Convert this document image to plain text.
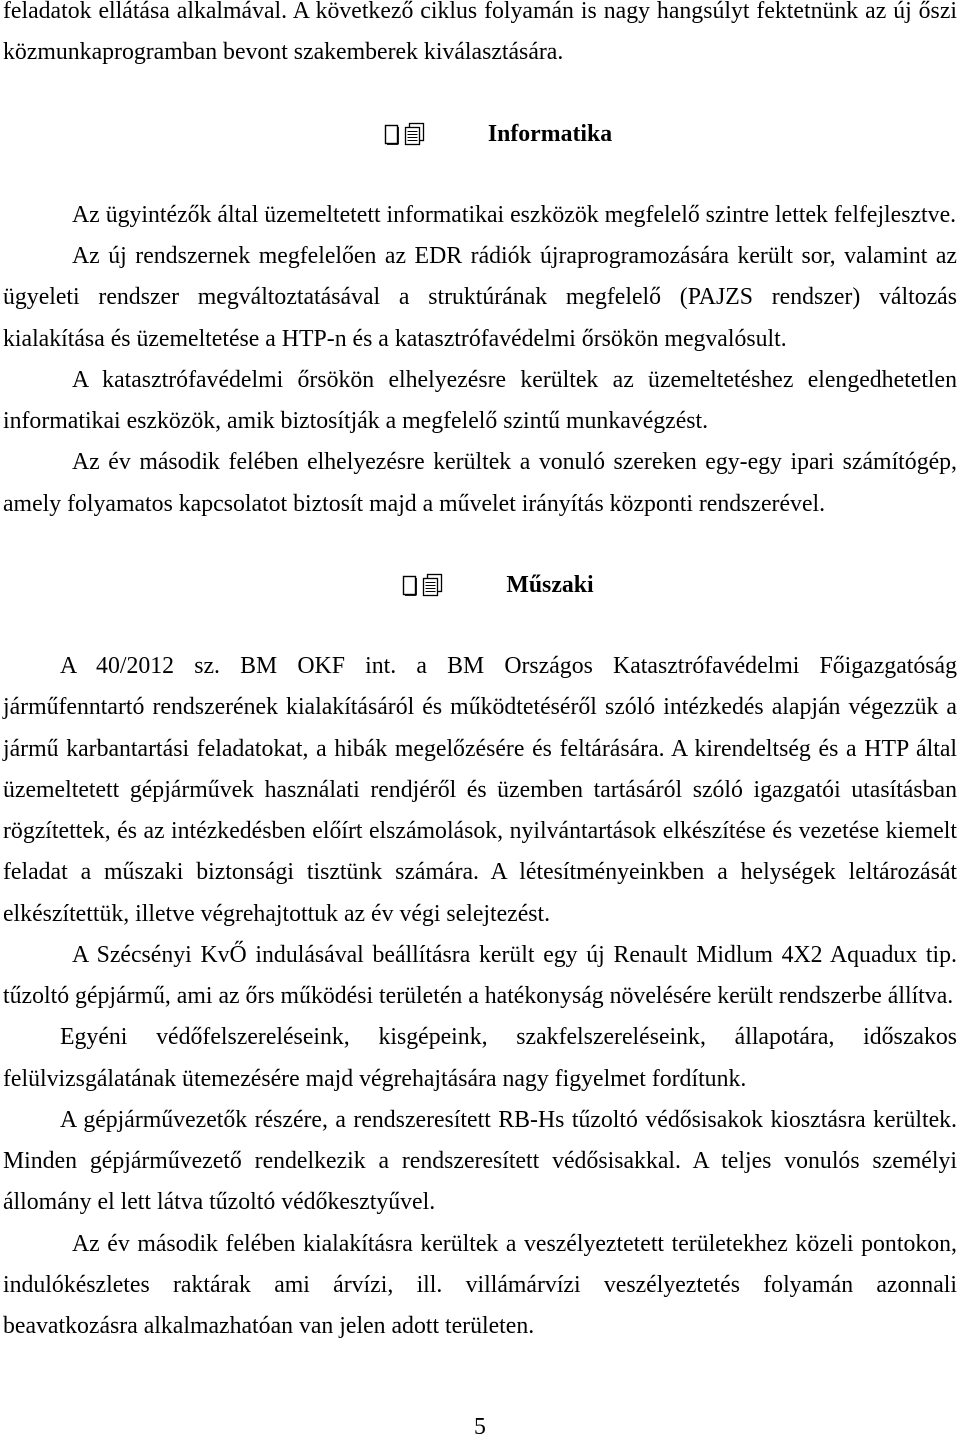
feladatok ellátása alkalmával. A következő ciklus folyamán is nagy hangsúlyt fektetnünk az új őszi
közmunkaprogramban bevont szakemberek kiválasztására.
Informatika
Az ügyintézők által üzemeltetett informatikai eszközök megfelelő szintre lettek felfejlesztve.
Az új rendszernek megfelelően az EDR rádiók újraprogramozására került sor, valamint az
ügyeleti rendszer megváltoztatásával a struktúrának megfelelő (PAJZS rendszer) változás
kialakítása és üzemeltetése a HTP-n és a katasztrófavédelmi őrsökön megvalósult.
A katasztrófavédelmi őrsökön elhelyezésre kerültek az üzemeltetéshez elengedhetetlen
informatikai eszközök, amik biztosítják a megfelelő szintű munkavégzést.
Az év második felében elhelyezésre kerültek a vonuló szereken egy-egy ipari számítógép,
amely folyamatos kapcsolatot biztosít majd a művelet irányítás központi rendszerével.
Műszaki
A 40/2012 sz. BM OKF int. a BM Országos Katasztrófavédelmi Főigazgatóság
járműfenntartó rendszerének kialakításáról és működtetéséről szóló intézkedés alapján végezzük a
jármű karbantartási feladatokat, a hibák megelőzésére és feltárására. A kirendeltség és a HTP által
üzemeltetett gépjárművek használati rendjéről és üzemben tartásáról szóló igazgatói utasításban
rögzítettek, és az intézkedésben előírt elszámolások, nyilvántartások elkészítése és vezetése kiemelt
feladat a műszaki biztonsági tisztünk számára. A létesítményeinkben a helységek leltározását
elkészítettük, illetve végrehajtottuk az év végi selejtezést.
A Szécsényi KvŐ indulásával beállításra került egy új Renault Midlum 4X2 Aquadux tip.
tűzoltó gépjármű, ami az őrs működési területén a hatékonyság növelésére került rendszerbe állítva.
Egyéni védőfelszereléseink, kisgépeink, szakfelszereléseink, állapotára, időszakos
felülvizsgálatának ütemezésére majd végrehajtására nagy figyelmet fordítunk.
A gépjárművezetők részére, a rendszeresített RB-Hs tűzoltó védősisakok kiosztásra kerültek.
Minden gépjárművezető rendelkezik a rendszeresített védősisakkal. A teljes vonulós személyi
állomány el lett látva tűzoltó védőkesztyűvel.
Az év második felében kialakításra kerültek a veszélyeztetett területekhez közeli pontokon,
indulókészletes raktárak ami árvízi, ill. villámárvízi veszélyeztetés folyamán azonnali
beavatkozásra alkalmazhatóan van jelen adott területen.
5
